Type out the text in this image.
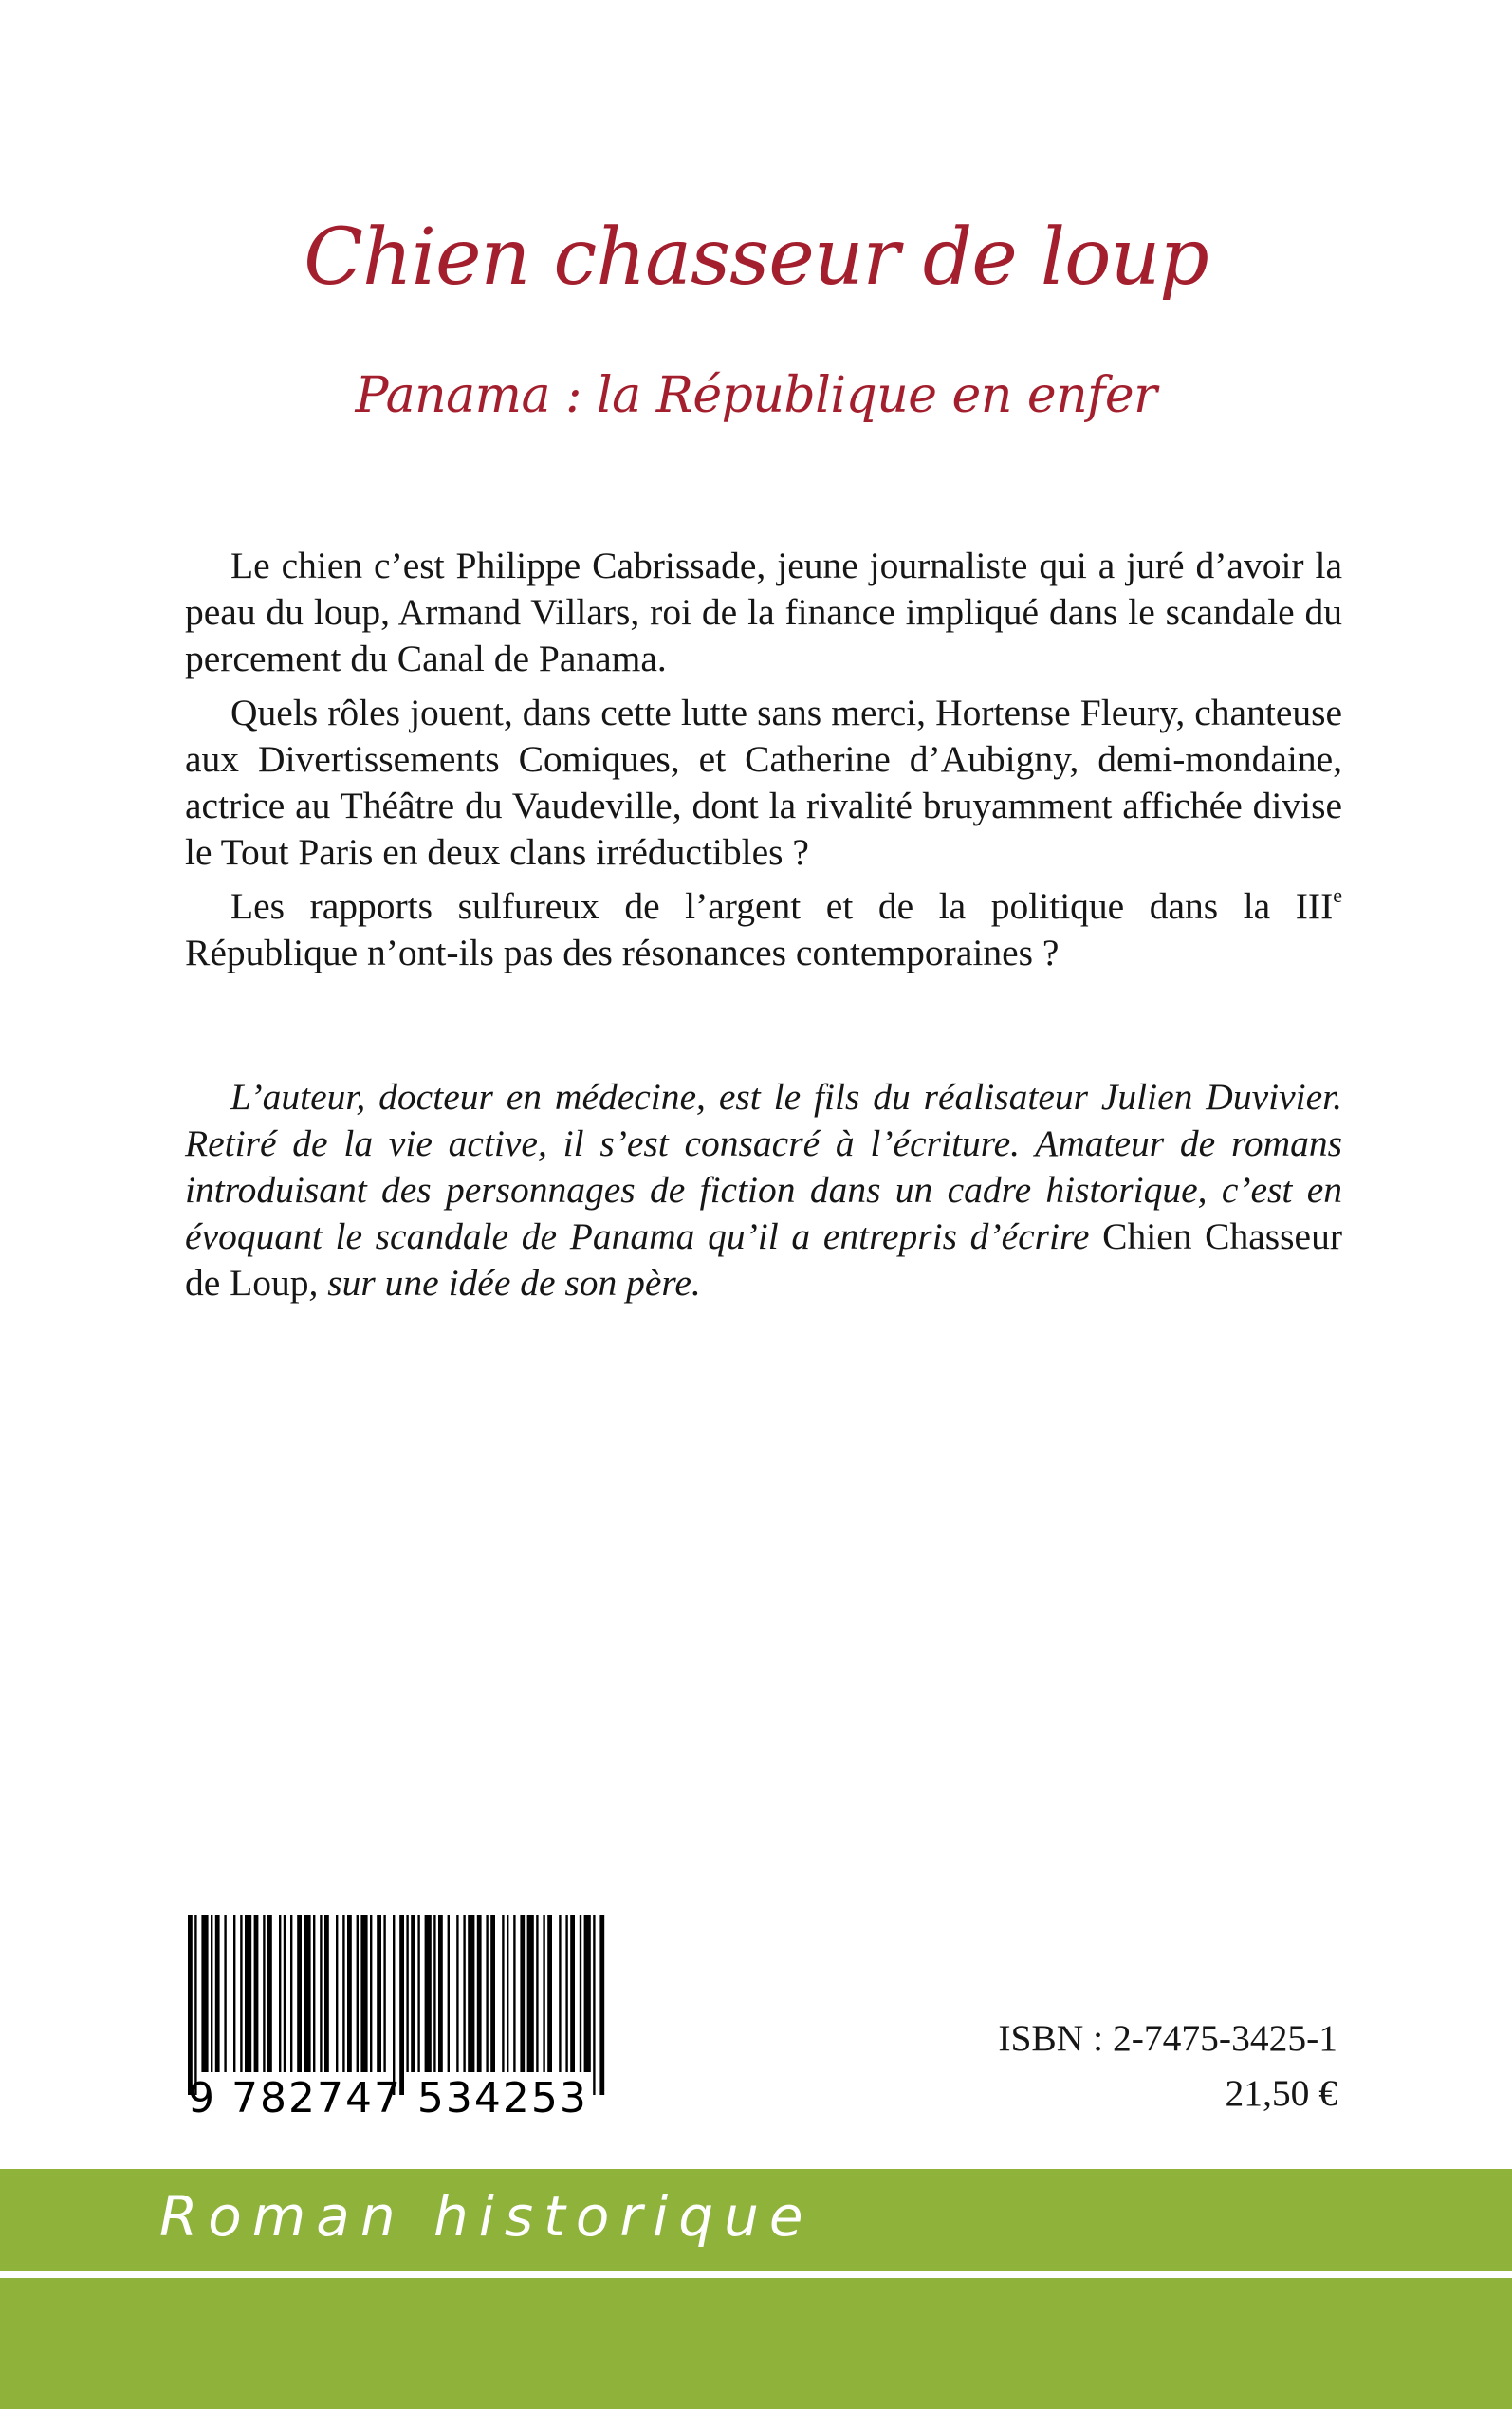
Chien chasseur de loup
Panama : la République en enfer

Le chien c’est Philippe Cabrissade, jeune journaliste qui a juré d’avoir la peau du loup, Armand Villars, roi de la finance impliqué dans le scandale du percement du Canal de Panama.

Quels rôles jouent, dans cette lutte sans merci, Hortense Fleury, chanteuse aux Divertissements Comiques, et Catherine d’Aubigny, demi-mondaine, actrice au Théâtre du Vaudeville, dont la rivalité bruyamment affichée divise le Tout Paris en deux clans irréductibles ?

Les rapports sulfureux de l’argent et de la politique dans la IIIe République n’ont-ils pas des résonances contemporaines ?

L’auteur, docteur en médecine, est le fils du réalisateur Julien Duvivier. Retiré de la vie active, il s’est consacré à l’écriture. Amateur de romans introduisant des personnages de fiction dans un cadre historique, c’est en évoquant le scandale de Panama qu’il a entrepris d’écrire Chien Chasseur de Loup, sur une idée de son père.
9 782747 534253
ISBN : 2-7475-3425-1
21,50 €
Roman historique
